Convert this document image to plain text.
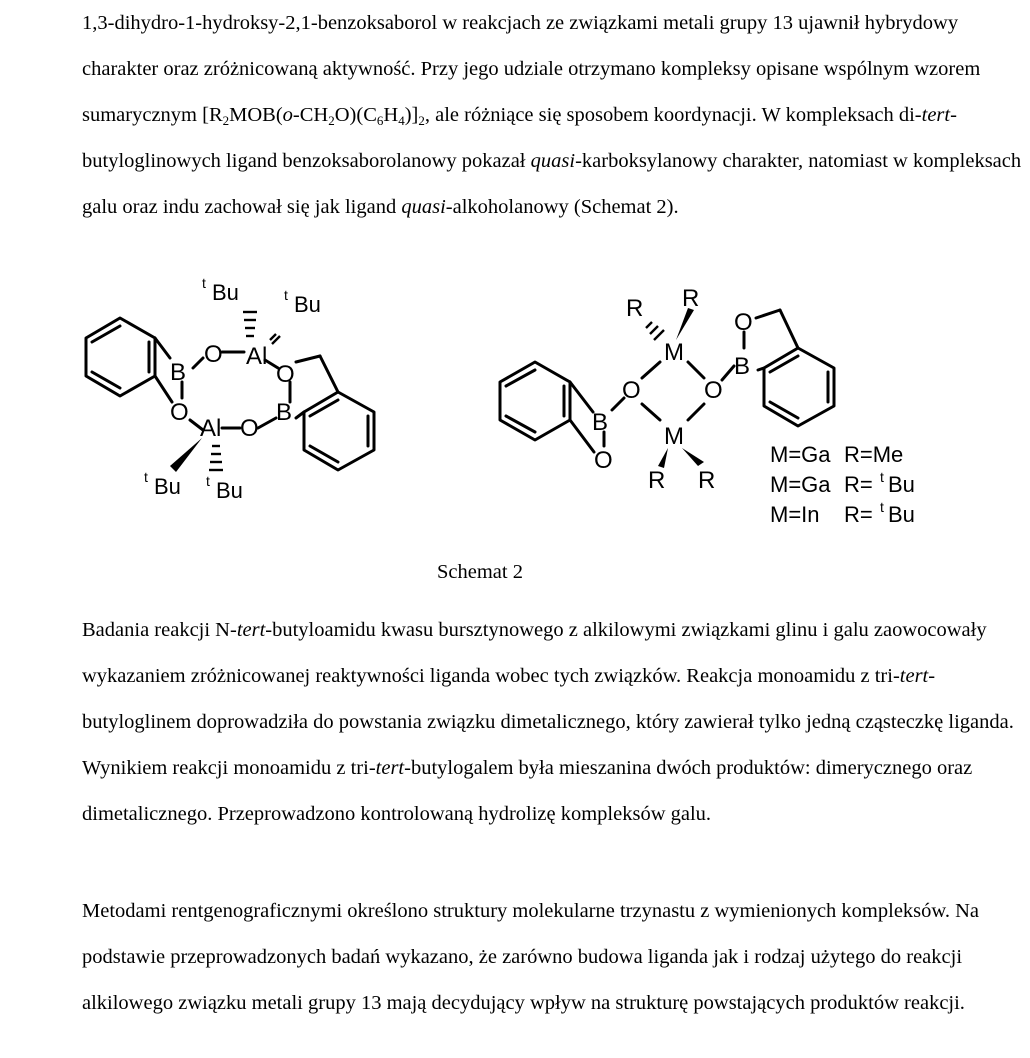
1,3-dihydro-1-hydroksy-2,1-benzoksaborol w reakcjach ze związkami metali grupy 13 ujawnił hybrydowy charakter oraz zróżnicowaną aktywność. Przy jego udziale otrzymano kompleksy opisane wspólnym wzorem sumarycznym $[R_2MOB(o-CH_2O)(C_6H_4)]_2$, ale różniące się sposobem koordynacji. W kompleksach di-tert-butyloglinowych ligand benzoksaborolanowy pokazał quasi-karboksylanowy charakter, natomiast w kompleksach galu oraz indu zachował się jak ligand quasi-alkoholanowy (Schemat 2).

B
O
O Al
O
Al O
B
t Bu	t Bu
t Bu t Bu
B
O
O	O
M
M
B
O
R R
R R
M=Ga R=Me
M=Ga R= t Bu
M=In R= t Bu

Schemat 2

Badania reakcji N-tert-butyloamidu kwasu bursztynowego z alkilowymi związkami glinu i galu zaowocowały wykazaniem zróżnicowanej reaktywności liganda wobec tych związków. Reakcja monoamidu z tri-tert-butyloglinem doprowadziła do powstania związku dimetalicznego, który zawierał tylko jedną cząsteczkę liganda. Wynikiem reakcji monoamidu z tri-tert-butylogalem była mieszanina dwóch produktów: dimerycznego oraz dimetalicznego. Przeprowadzono kontrolowaną hydrolizę kompleksów galu.

Metodami rentgenograficznymi określono struktury molekularne trzynastu z wymienionych kompleksów. Na podstawie przeprowadzonych badań wykazano, że zarówno budowa liganda jak i rodzaj użytego do reakcji alkilowego związku metali grupy 13 mają decydujący wpływ na strukturę powstających produktów reakcji.
